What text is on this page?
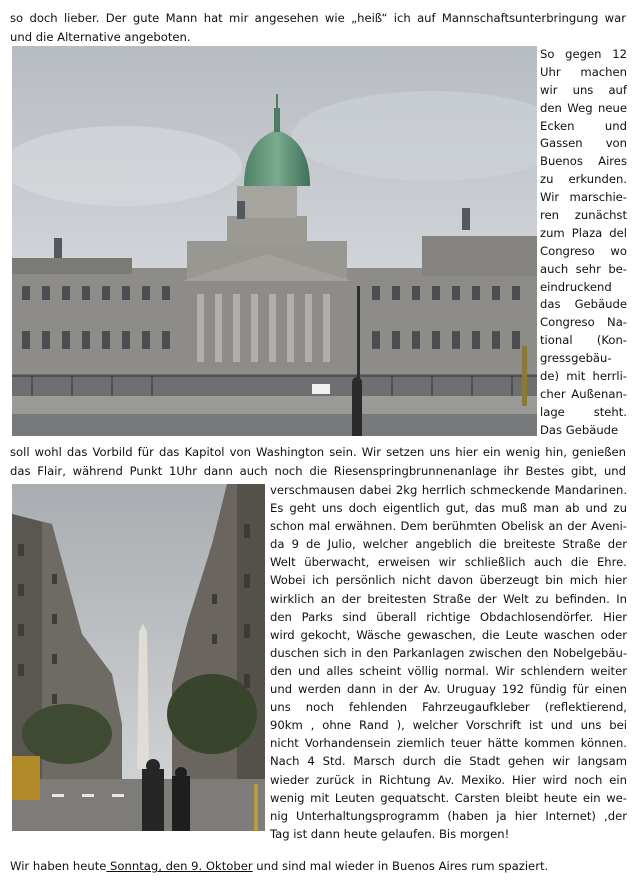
so doch lieber. Der gute Mann hat mir angesehen wie „heiß“ ich auf Mannschaftsunterbringung war
und die Alternative angeboten.
So gegen 12
Uhr machen
wir uns auf
den Weg neue
Ecken und
Gassen von
Buenos Aires
zu erkunden.
Wir marschie-
ren zunächst
zum Plaza del
Congreso wo
auch sehr be-
eindruckend
das Gebäude
Congreso Na-
tional (Kon-
gressgebäu-
de) mit herrli-
cher Außenan-
lage steht.
Das Gebäude
soll wohl das Vorbild für das Kapitol von Washington sein. Wir setzen uns hier ein wenig hin, genießen
das Flair, während Punkt 1Uhr dann auch noch die Riesenspringbrunnenanlage ihr Bestes gibt, und
verschmausen dabei 2kg herrlich schmeckende Mandarinen.
Es geht uns doch eigentlich gut, das muß man ab und zu
schon mal erwähnen. Dem berühmten Obelisk an der Aveni-
da 9 de Julio, welcher angeblich die breiteste Straße der
Welt überwacht, erweisen wir schließlich auch die Ehre.
Wobei ich persönlich nicht davon überzeugt bin mich hier
wirklich an der breitesten Straße der Welt zu befinden. In
den Parks sind überall richtige Obdachlosendörfer. Hier
wird gekocht, Wäsche gewaschen, die Leute waschen oder
duschen sich in den Parkanlagen zwischen den Nobelgebäu-
den und alles scheint völlig normal. Wir schlendern weiter
und werden dann in der Av. Uruguay 192 fündig für einen
uns noch fehlenden Fahrzeugaufkleber (reflektierend,
90km , ohne Rand ), welcher Vorschrift ist und uns bei
nicht Vorhandensein ziemlich teuer hätte kommen können.
Nach 4 Std. Marsch durch die Stadt gehen wir langsam
wieder zurück in Richtung Av. Mexiko. Hier wird noch ein
wenig mit Leuten gequatscht. Carsten bleibt heute ein we-
nig Unterhaltungsprogramm (haben ja hier Internet) ,der
Tag ist dann heute gelaufen. Bis morgen!
Wir haben heute Sonntag, den 9. Oktober und sind mal wieder in Buenos Aires rum spaziert.
